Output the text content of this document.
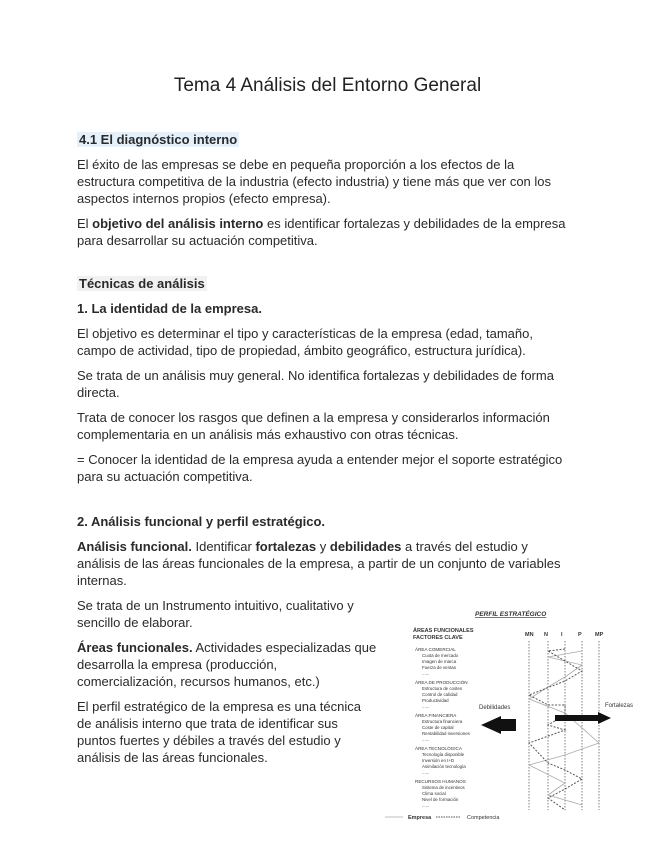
Tema 4 Análisis del Entorno General
4.1 El diagnóstico interno

El éxito de las empresas se debe en pequeña proporción a los efectos de la estructura competitiva de la industria (efecto industria) y tiene más que ver con los aspectos internos propios (efecto empresa).

El objetivo del análisis interno es identificar fortalezas y debilidades de la empresa para desarrollar su actuación competitiva.

Técnicas de análisis
1. La identidad de la empresa.

El objetivo es determinar el tipo y características de la empresa (edad, tamaño, campo de actividad, tipo de propiedad, ámbito geográfico, estructura jurídica).

Se trata de un análisis muy general. No identifica fortalezas y debilidades de forma directa.

Trata de conocer los rasgos que definen a la empresa y considerarlos información complementaria en un análisis más exhaustivo con otras técnicas.

= Conocer la identidad de la empresa ayuda a entender mejor el soporte estratégico para su actuación competitiva.

2. Análisis funcional y perfil estratégico.

Análisis funcional. Identificar fortalezas y debilidades a través del estudio y análisis de las áreas funcionales de la empresa, a partir de un conjunto de variables internas.

Se trata de un Instrumento intuitivo, cualitativo y sencillo de elaborar.

Áreas funcionales. Actividades especializadas que desarrolla la empresa (producción, comercialización, recursos humanos, etc.)

El perfil estratégico de la empresa es una técnica de análisis interno que trata de identificar sus puntos fuertes y débiles a través del estudio y análisis de las áreas funcionales.

PERFIL ESTRATÉGICO
ÁREAS FUNCIONALES
FACTORES CLAVE	MN N I	P MP
ÁREA COMERCIAL
Cuota de mercado
Imagen de marca
Fuerza de ventas
......
ÁREA DE PRODUCCIÓN
Estructura de costes
Control de calidad
Productividad
......
ÁREA FINANCIERA
Estructura financiera
Coste de capital
Rentabilidad inversiones
......
ÁREA TECNOLÓGICA
Tecnología disponible
Inversión en I+D
Asimilación tecnología
......
RECURSOS HUMANOS
Sistema de incentivos
Clima social
Nivel de formación
......
Debilidades	Fortalezas
Empresa	Competencia
